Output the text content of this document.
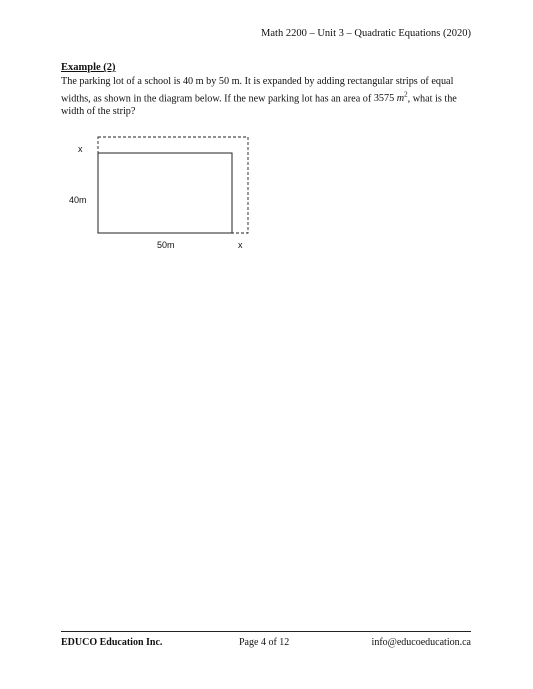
Math 2200 – Unit 3 – Quadratic Equations (2020)
Example (2)
The parking lot of a school is 40 m by 50 m. It is expanded by adding rectangular strips of equal widths, as shown in the diagram below. If the new parking lot has an area of 3575 $m^2$, what is the width of the strip?
x
40m
50m	x
EDUCO Education Inc.	Page 4 of 12	info@educoeducation.ca
